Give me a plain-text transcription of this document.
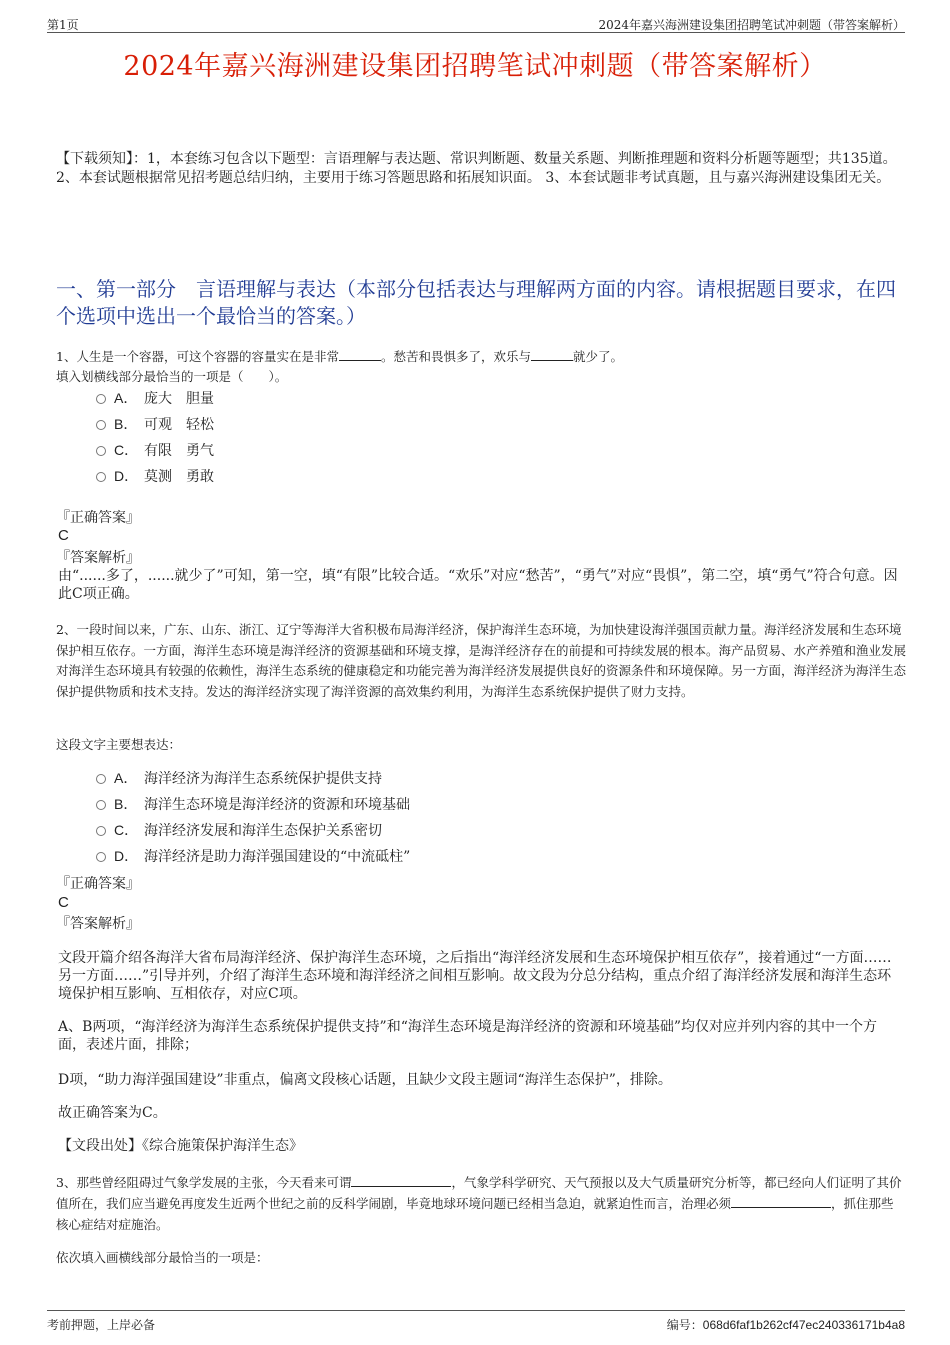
第1页	2024年嘉兴海洲建设集团招聘笔试冲刺题（带答案解析）
2024年嘉兴海洲建设集团招聘笔试冲刺题（带答案解析）
【下载须知】：1，本套练习包含以下题型：言语理解与表达题、常识判断题、数量关系题、判断推理题和资料分析题等题型；共135道。 2、本套试题根据常见招考题总结归纳，主要用于练习答题思路和拓展知识面。 3、本套试题非考试真题，且与嘉兴海洲建设集团无关。
一、第一部分　言语理解与表达（本部分包括表达与理解两方面的内容。请根据题目要求，在四个选项中选出一个最恰当的答案。）
1、人生是一个容器，可这个容器的容量实在是非常	。愁苦和畏惧多了，欢乐与	就少了。
填入划横线部分最恰当的一项是（　　）。
A． 庞大 胆量
B． 可观 轻松
C． 有限 勇气
D． 莫测 勇敢
『正确答案』
C
『答案解析』
由“......多了，......就少了”可知，第一空，填“有限”比较合适。“欢乐”对应“愁苦”，“勇气”对应“畏惧”，第二空，填“勇气”符合句意。因此C项正确。
2、一段时间以来，广东、山东、浙江、辽宁等海洋大省积极布局海洋经济，保护海洋生态环境，为加快建设海洋强国贡献力量。海洋经济发展和生态环境保护相互依存。一方面，海洋生态环境是海洋经济的资源基础和环境支撑，是海洋经济存在的前提和可持续发展的根本。海产品贸易、水产养殖和渔业发展对海洋生态环境具有较强的依赖性，海洋生态系统的健康稳定和功能完善为海洋经济发展提供良好的资源条件和环境保障。另一方面，海洋经济为海洋生态保护提供物质和技术支持。发达的海洋经济实现了海洋资源的高效集约利用，为海洋生态系统保护提供了财力支持。
这段文字主要想表达：
A． 海洋经济为海洋生态系统保护提供支持
B． 海洋生态环境是海洋经济的资源和环境基础
C． 海洋经济发展和海洋生态保护关系密切
D． 海洋经济是助力海洋强国建设的“中流砥柱”
『正确答案』
C
『答案解析』
文段开篇介绍各海洋大省布局海洋经济、保护海洋生态环境，之后指出“海洋经济发展和生态环境保护相互依存”，接着通过“一方面……另一方面……”引导并列，介绍了海洋生态环境和海洋经济之间相互影响。故文段为分总分结构，重点介绍了海洋经济发展和海洋生态环境保护相互影响、互相依存，对应C项。
A、B两项，“海洋经济为海洋生态系统保护提供支持”和“海洋生态环境是海洋经济的资源和环境基础”均仅对应并列内容的其中一个方面，表述片面，排除；
D项，“助力海洋强国建设”非重点，偏离文段核心话题，且缺少文段主题词“海洋生态保护”，排除。
故正确答案为C。
【文段出处】《综合施策保护海洋生态》
3、那些曾经阻碍过气象学发展的主张，今天看来可谓	，气象学科学研究、天气预报以及大气质量研究分析等，都已经向人们证明了其价值所在，我们应当避免再度发生近两个世纪之前的反科学闹剧，毕竟地球环境问题已经相当急迫，就紧迫性而言，治理必须	，抓住那些核心症结对症施治。
依次填入画横线部分最恰当的一项是：
考前押题，上岸必备	编号：068d6faf1b262cf47ec240336171b4a8
